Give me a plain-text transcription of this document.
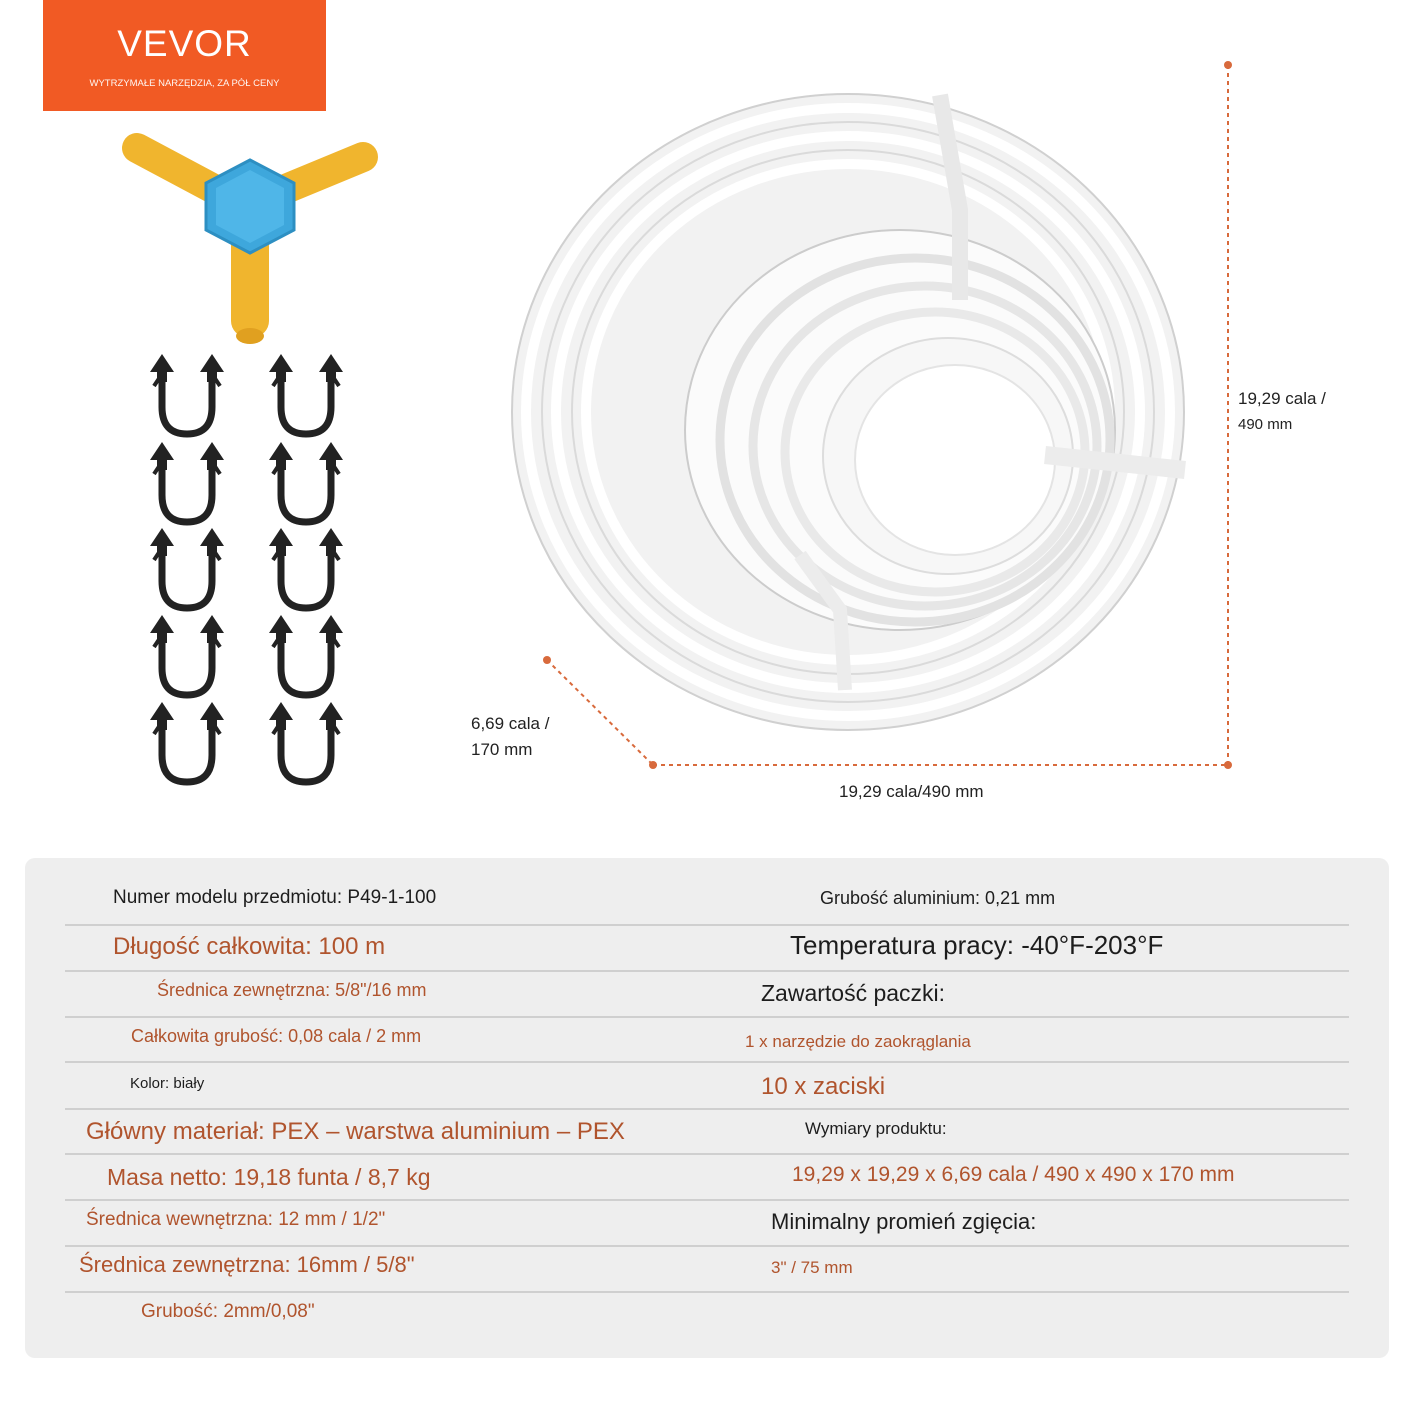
VEVOR
WYTRZYMAŁE NARZĘDZIA, ZA PÓŁ CENY
19,29 cala /
490 mm
6,69 cala /
170 mm
19,29 cala/490 mm
Numer modelu przedmiotu: P49-1-100
Długość całkowita: 100 m
Średnica zewnętrzna: 5/8"/16 mm
Całkowita grubość: 0,08 cala / 2 mm
Kolor: biały
Główny materiał: PEX – warstwa aluminium – PEX
Masa netto: 19,18 funta / 8,7 kg
Średnica wewnętrzna: 12 mm / 1/2"
Średnica zewnętrzna: 16mm / 5/8"
Grubość: 2mm/0,08"
Grubość aluminium: 0,21 mm
Temperatura pracy: -40°F-203°F
Zawartość paczki:
1 x narzędzie do zaokrąglania
10 x zaciski
Wymiary produktu:
19,29 x 19,29 x 6,69 cala / 490 x 490 x 170 mm
Minimalny promień zgięcia:
3" / 75 mm
